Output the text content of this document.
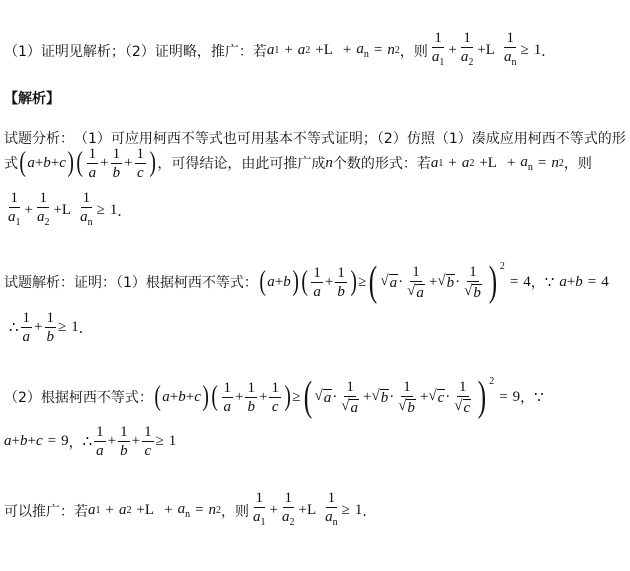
（1）证明见解析；（2）证明略，推广：若 a 1 + a $2 +L + a_n = n$ 2 ，则 $\frac{1}{a_1} + \frac{1}{a_2} +L \frac{1}{a_n} \ge 1$ ．
【解析】
试题分析： （1）可应用柯西不等式也可用基本不等式证明；（2）仿照（1）凑成应用柯西不等式的形
式 ( a + b + c ) ( $\frac{1}{a} + \frac{1}{b} + \frac{1}{c}$ ) ，可得结论，由此可推广成 n 个数的形式：若 a 1 + a $2 +L + a_n = n$ 2 ，则
$\frac{1}{a_1} + \frac{1}{a_2} +L \frac{1}{a_n} \ge 1$ ．
试题解析： 证明：（1）根据柯西不等式： ( a + b ) ( $\frac{1}{a} + \frac{1}{b}$ ) ≥ ( √ $a \cdot \frac{1}{√ a}$ + √ $b \cdot \frac{1}{√ b}$ ) $^2$
= 4 ， ∵ a + b = 4
∴ $\frac{1}{a} + \frac{1}{b} \ge 1$ ．
（2）根据柯西不等式： ( a + b + c ) ( $\frac{1}{a} + \frac{1}{b} + \frac{1}{c}$ ) ≥ ( √ $a \cdot \frac{1}{√ a}$ + √ $b \cdot \frac{1}{√ b}$ + √ $c \cdot \frac{1}{√ c}$ ) $^2$
= 9 ， ∵
a + b + c = 9 ， ∴ $\frac{1}{a} + \frac{1}{b} + \frac{1}{c} \ge 1$
可以推广：若 a 1 + a $2 +L + a_n = n$ 2 ，则 $\frac{1}{a_1} + \frac{1}{a_2} +L \frac{1}{a_n} \ge 1$ ．
